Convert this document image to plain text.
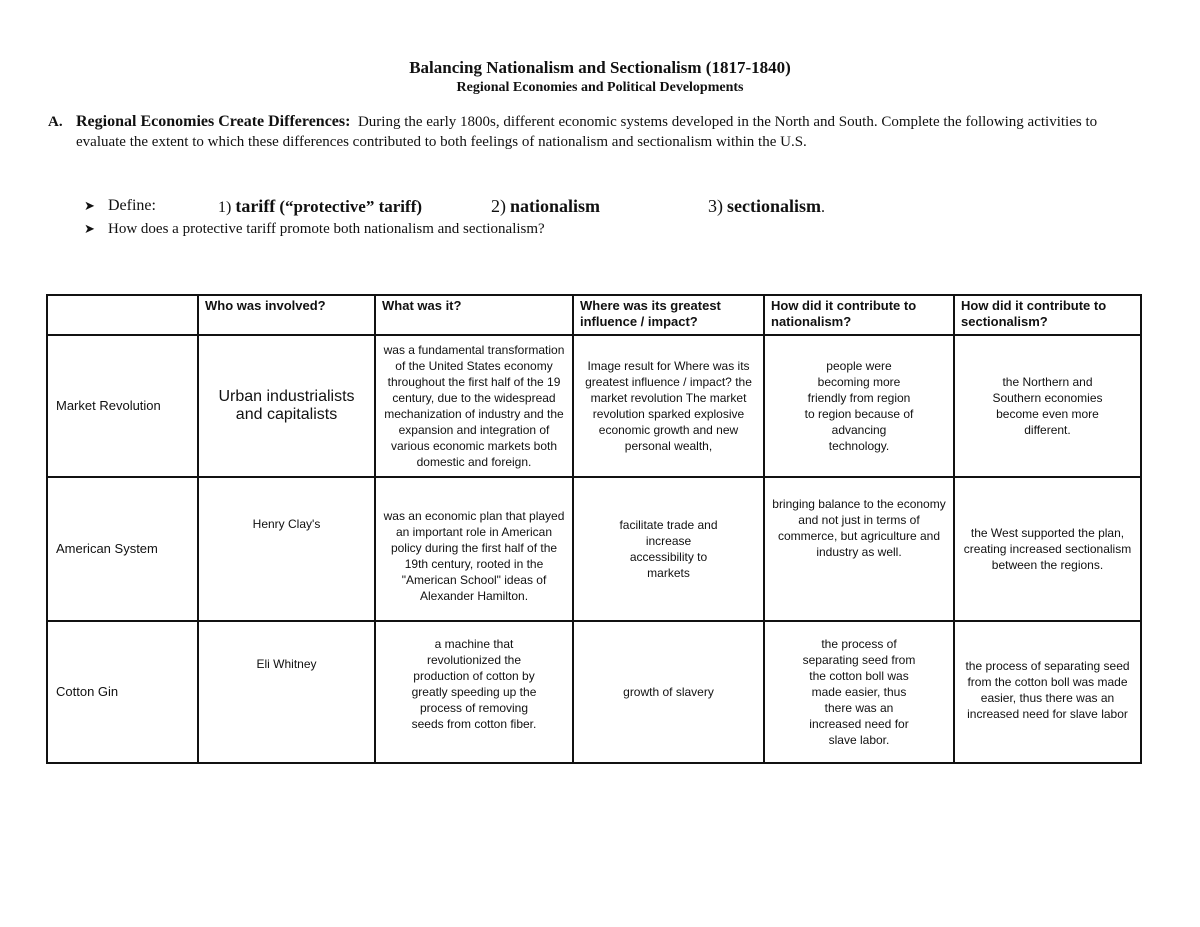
Balancing Nationalism and Sectionalism (1817-1840)
Regional Economies and Political Developments
A. Regional Economies Create Differences: During the early 1800s, different economic systems developed in the North and South. Complete the following activities to evaluate the extent to which these differences contributed to both feelings of nationalism and sectionalism within the U.S.
➤ Define:	1) tariff (“protective” tariff)	2) nationalism	3) sectionalism.
➤ How does a protective tariff promote both nationalism and sectionalism?
	Who was involved?	What was it?	Where was its greatest influence / impact?	How did it contribute to nationalism?	How did it contribute to sectionalism?
Market Revolution	Urban industrialists and capitalists	was a fundamental transformation of the United States economy throughout the first half of the 19 century, due to the widespread mechanization of industry and the expansion and integration of various economic markets both domestic and foreign.	Image result for Where was its greatest influence / impact? the market revolution The market revolution sparked explosive economic growth and new personal wealth,	people were becoming more friendly from region to region because of advancing technology.	the Northern and Southern economies become even more different.
American System	Henry Clay's	was an economic plan that played an important role in American policy during the first half of the 19th century, rooted in the "American School" ideas of Alexander Hamilton.	facilitate trade and increase accessibility to markets	bringing balance to the economy and not just in terms of commerce, but agriculture and industry as well.	the West supported the plan, creating increased sectionalism between the regions.
Cotton Gin	Eli Whitney	a machine that revolutionized the production of cotton by greatly speeding up the process of removing seeds from cotton fiber.	growth of slavery	the process of separating seed from the cotton boll was made easier, thus there was an increased need for slave labor.	the process of separating seed from the cotton boll was made easier, thus there was an increased need for slave labor
